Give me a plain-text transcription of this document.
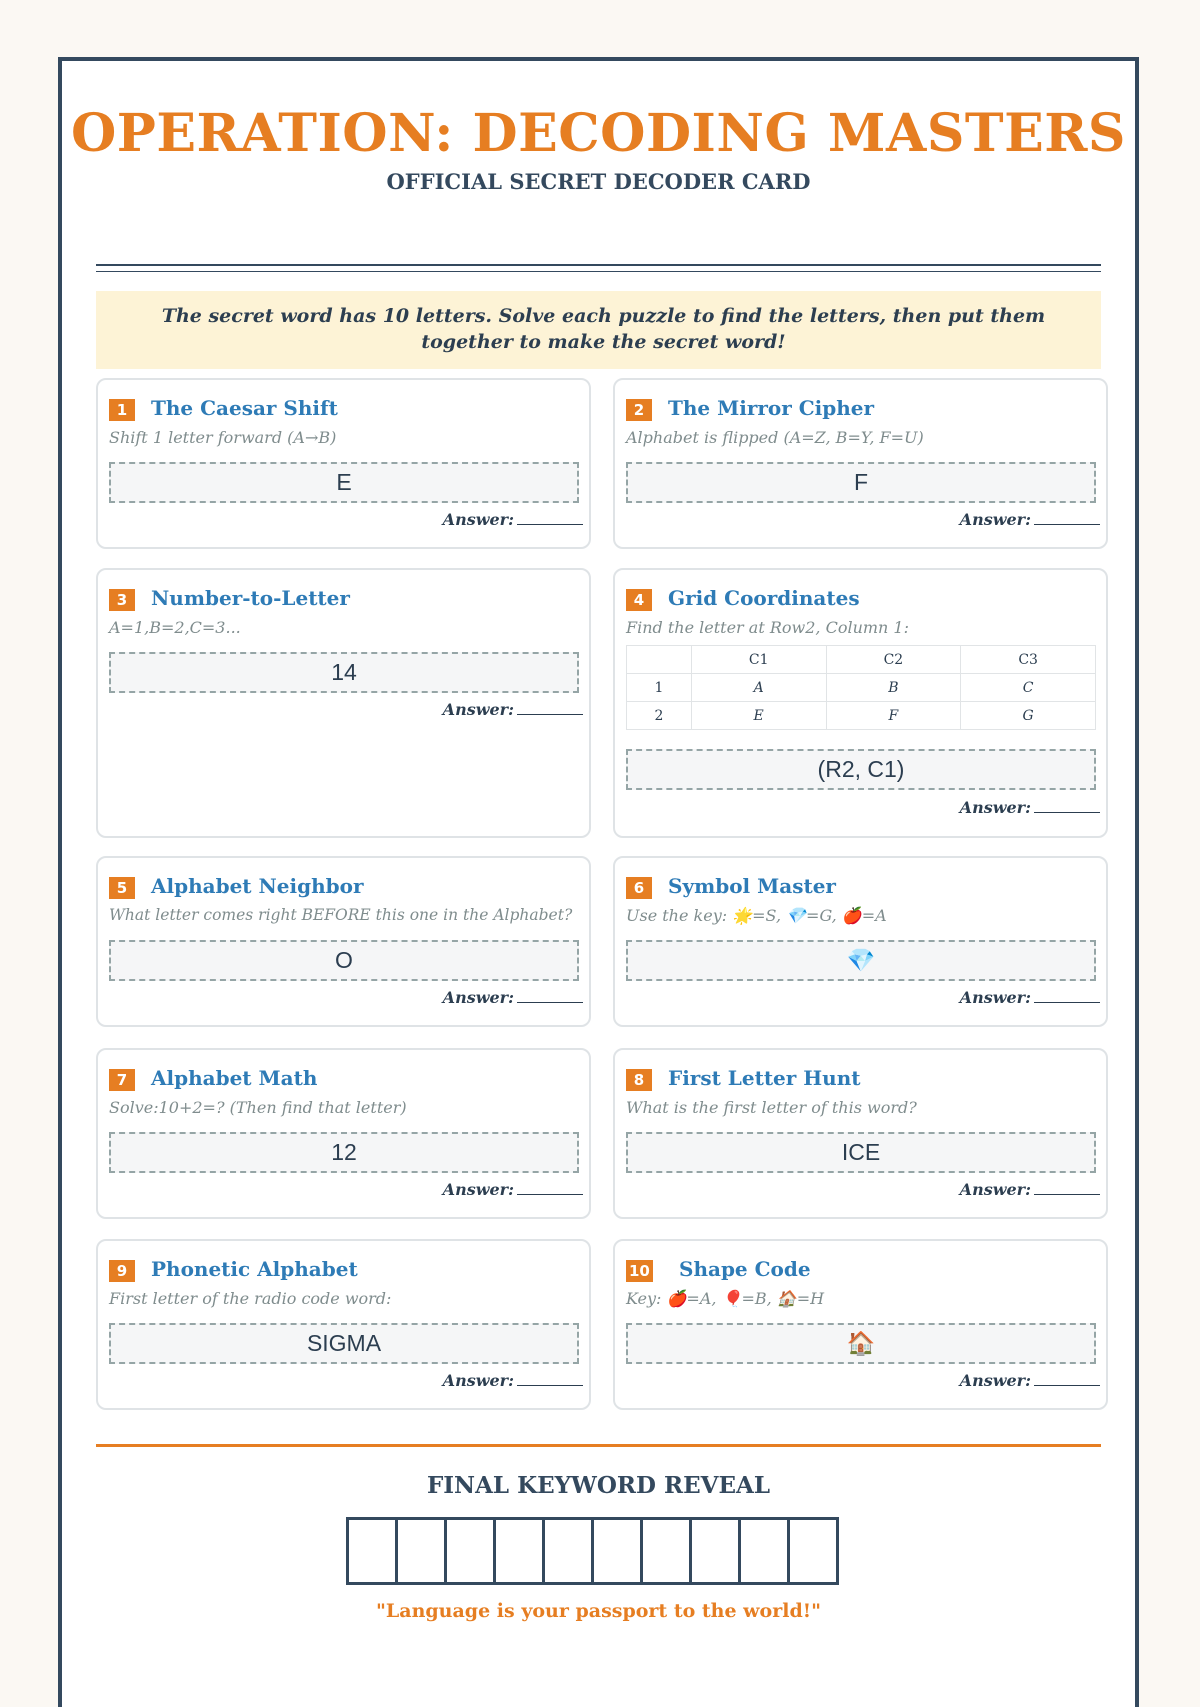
OPERATION: DECODING MASTERS
OFFICIAL SECRET DECODER CARD
The secret word has 10 letters. Solve each puzzle to find the letters, then put them together to make the secret word!
1	The Caesar Shift
Shift 1 letter forward (A→B)
E
Answer:
2	The Mirror Cipher
Alphabet is flipped (A=Z, B=Y, F=U)
F
Answer:
3	Number-to-Letter
A=1,B=2,C=3...
14
Answer:
4	Grid Coordinates
Find the letter at Row2, Column 1:
	C1	C2	C3
1	A	B	C
2	E	F	G
(R2, C1)
Answer:
5	Alphabet Neighbor
What letter comes right BEFORE this one in the Alphabet?
O
Answer:
6	Symbol Master
Use the key: 🌟=S, 💎=G, 🍎=A
💎
Answer:
7	Alphabet Math
Solve:10+2=? (Then find that letter)
12
Answer:
8	First Letter Hunt
What is the first letter of this word?
ICE
Answer:
9	Phonetic Alphabet
First letter of the radio code word:
SIGMA
Answer:
10 Shape Code
Key: 🍎=A, 🎈=B, 🏠=H
🏠
Answer:
FINAL KEYWORD REVEAL
"Language is your passport to the world!"
